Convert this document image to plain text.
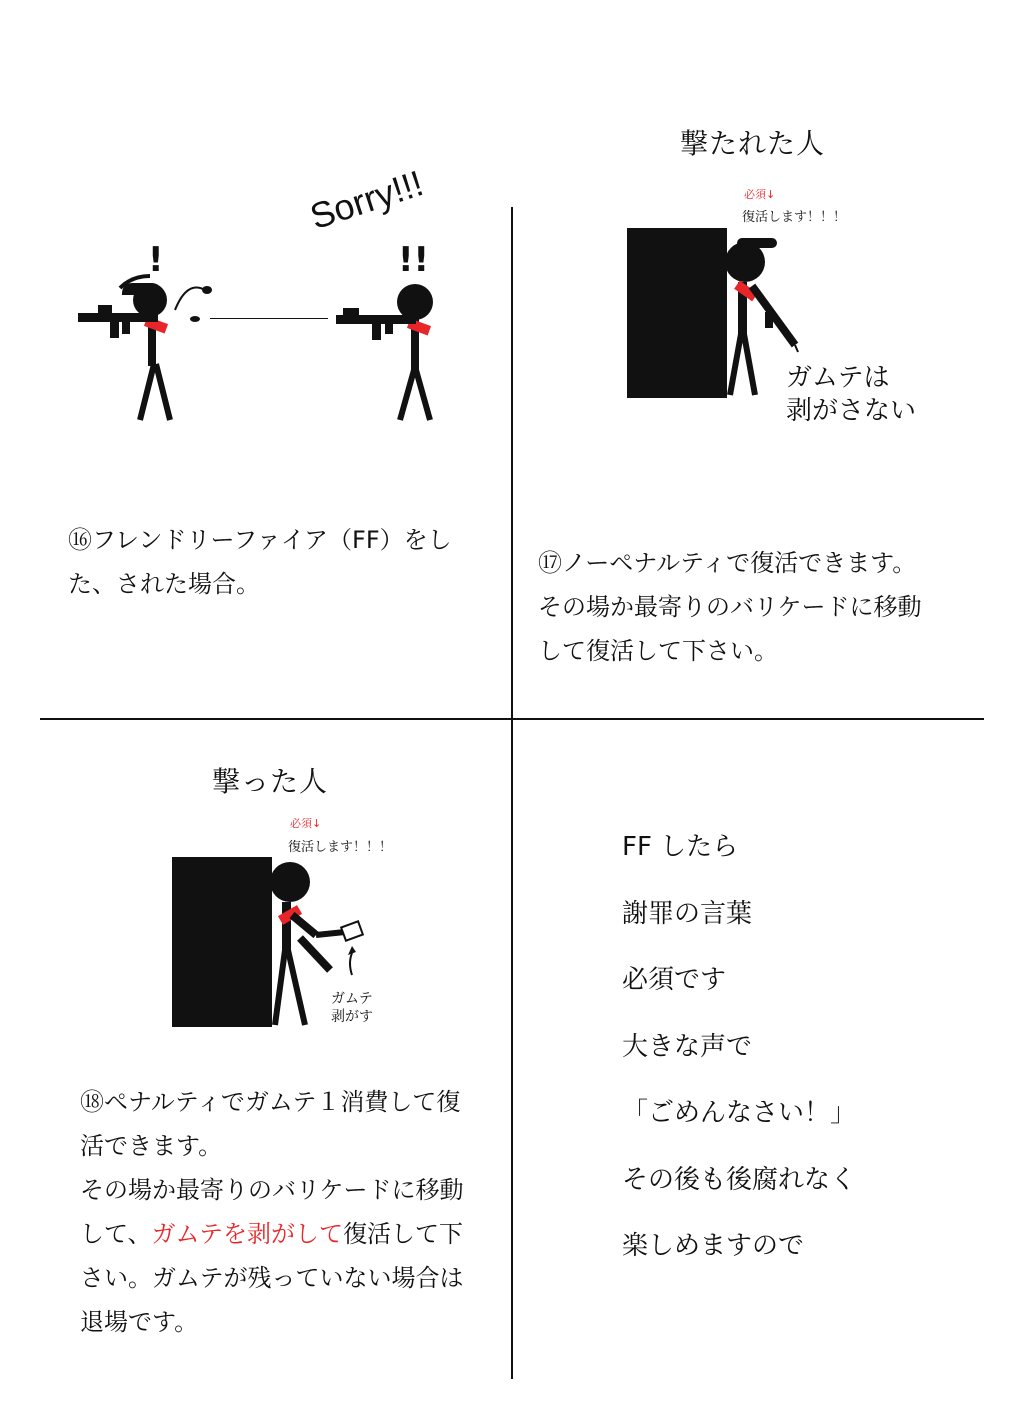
Sorry!!!
!	!!

⑯フレンドリーファイア（FF）をし

た、された場合。

撃たれた人
必須↓
復活します！！！
ガムテは
剥がさない

⑰ノーペナルティで復活できます。

その場か最寄りのバリケードに移動

して復活して下さい。

撃った人
必須↓
復活します！！！
ガムテ
剥がす

⑱ペナルティでガムテ１消費して復

活できます。

その場か最寄りのバリケードに移動

して、ガムテを剥がして復活して下

さい。ガムテが残っていない場合は

退場です。

FF したら
謝罪の言葉
必須です
大きな声で
「ごめんなさい！」
その後も後腐れなく
楽しめますので
